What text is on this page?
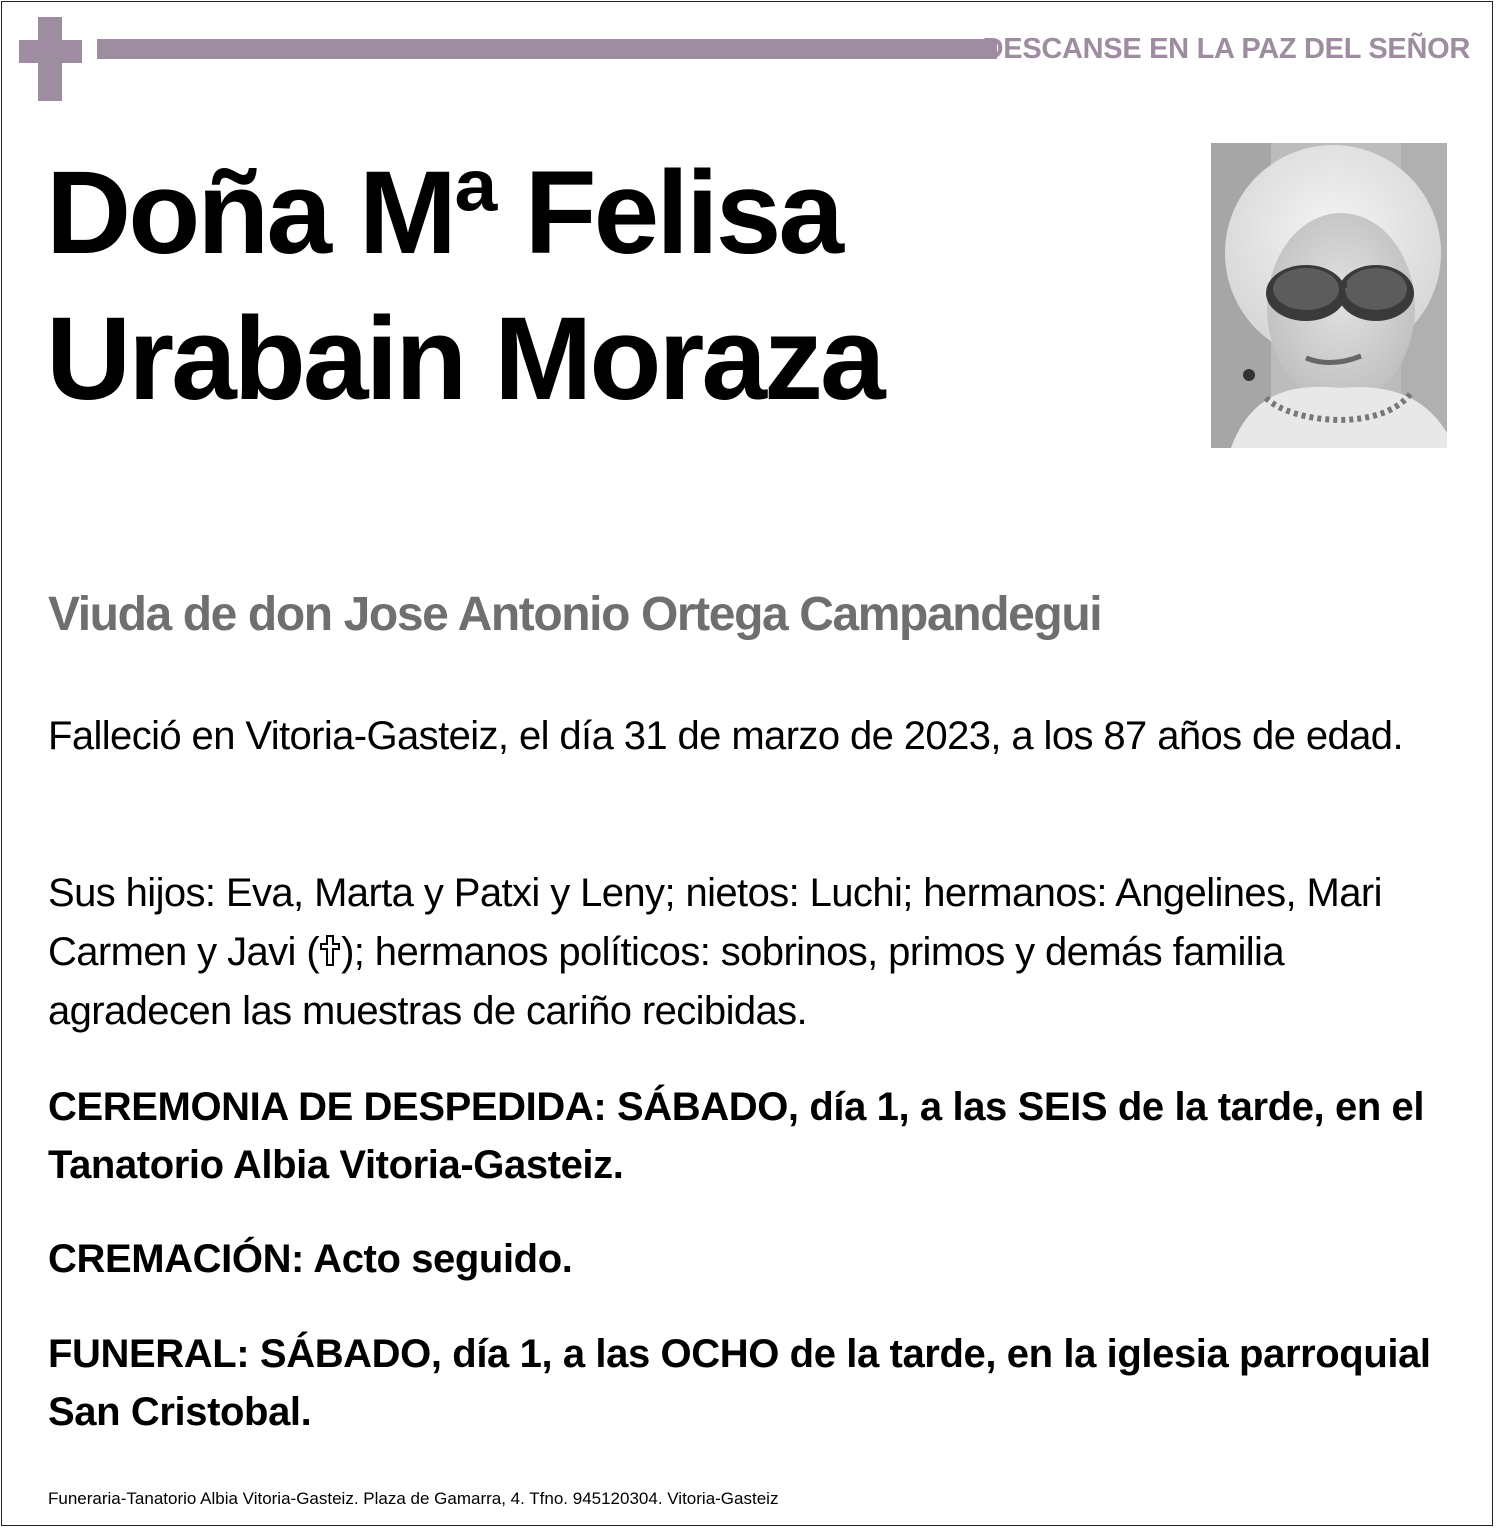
DESCANSE EN LA PAZ DEL SEÑOR
Doña Mª Felisa
Urabain Moraza
Viuda de don Jose Antonio Ortega Campandegui

Falleció en Vitoria-Gasteiz, el día 31 de marzo de 2023, a los 87 años de edad.

Sus hijos: Eva, Marta y Patxi y Leny; nietos: Luchi; hermanos: Angelines, Mari Carmen y Javi ( ); hermanos políticos: sobrinos, primos y demás familia agradecen las muestras de cariño recibidas.

CEREMONIA DE DESPEDIDA: SÁBADO, día 1, a las SEIS de la tarde, en el Tanatorio Albia Vitoria-Gasteiz.

CREMACIÓN: Acto seguido.

FUNERAL: SÁBADO, día 1, a las OCHO de la tarde, en la iglesia parroquial San Cristobal.

Funeraria-Tanatorio Albia Vitoria-Gasteiz. Plaza de Gamarra, 4. Tfno. 945120304. Vitoria-Gasteiz
